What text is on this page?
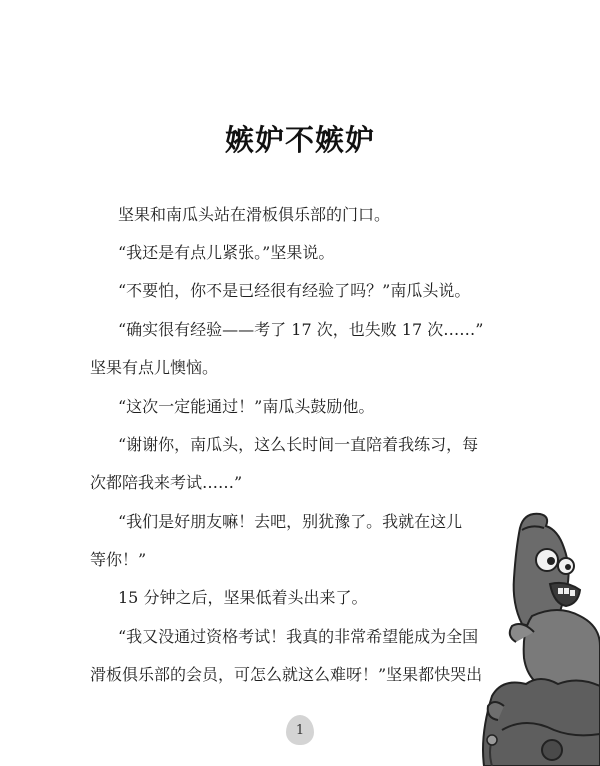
嫉妒不嫉妒
坚果和南瓜头站在滑板俱乐部的门口。
“我还是有点儿紧张。”坚果说。
“不要怕，你不是已经很有经验了吗？”南瓜头说。
“确实很有经验——考了 17 次，也失败 17 次……”
坚果有点儿懊恼。
“这次一定能通过！”南瓜头鼓励他。
“谢谢你，南瓜头，这么长时间一直陪着我练习，每
次都陪我来考试……”
“我们是好朋友嘛！去吧，别犹豫了。我就在这儿
等你！”
15 分钟之后，坚果低着头出来了。
“我又没通过资格考试！我真的非常希望能成为全国
滑板俱乐部的会员，可怎么就这么难呀！”坚果都快哭出
1
